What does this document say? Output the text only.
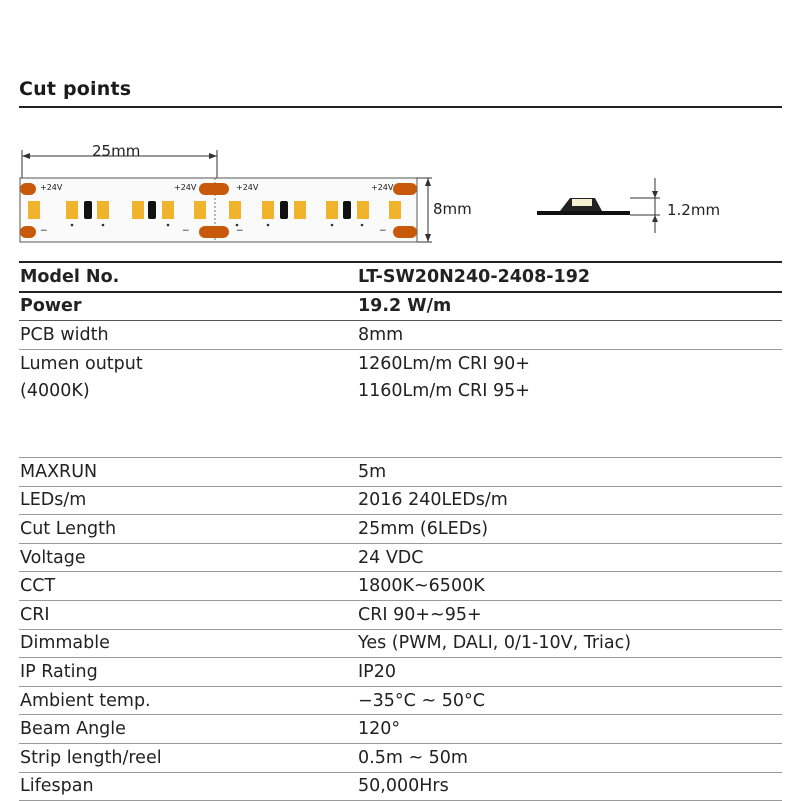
Cut points
+24V	+24V	+24V	+24V
−	−	−	−
25mm
8mm	1.2mm
Model No.	LT-SW20N240-2408-192
Power	19.2 W/m
PCB width	8mm
Lumen output	1260Lm/m CRI 90+
(4000K)	1160Lm/m CRI 95+
MAXRUN	5m
LEDs/m	2016 240LEDs/m
Cut Length	25mm (6LEDs)
Voltage	24 VDC
CCT	1800K~6500K
CRI	CRI 90+~95+
Dimmable	Yes (PWM, DALI, 0/1-10V, Triac)
IP Rating	IP20
Ambient temp.	−35°C ~ 50°C
Beam Angle	120°
Strip length/reel	0.5m ~ 50m
Lifespan	50,000Hrs
